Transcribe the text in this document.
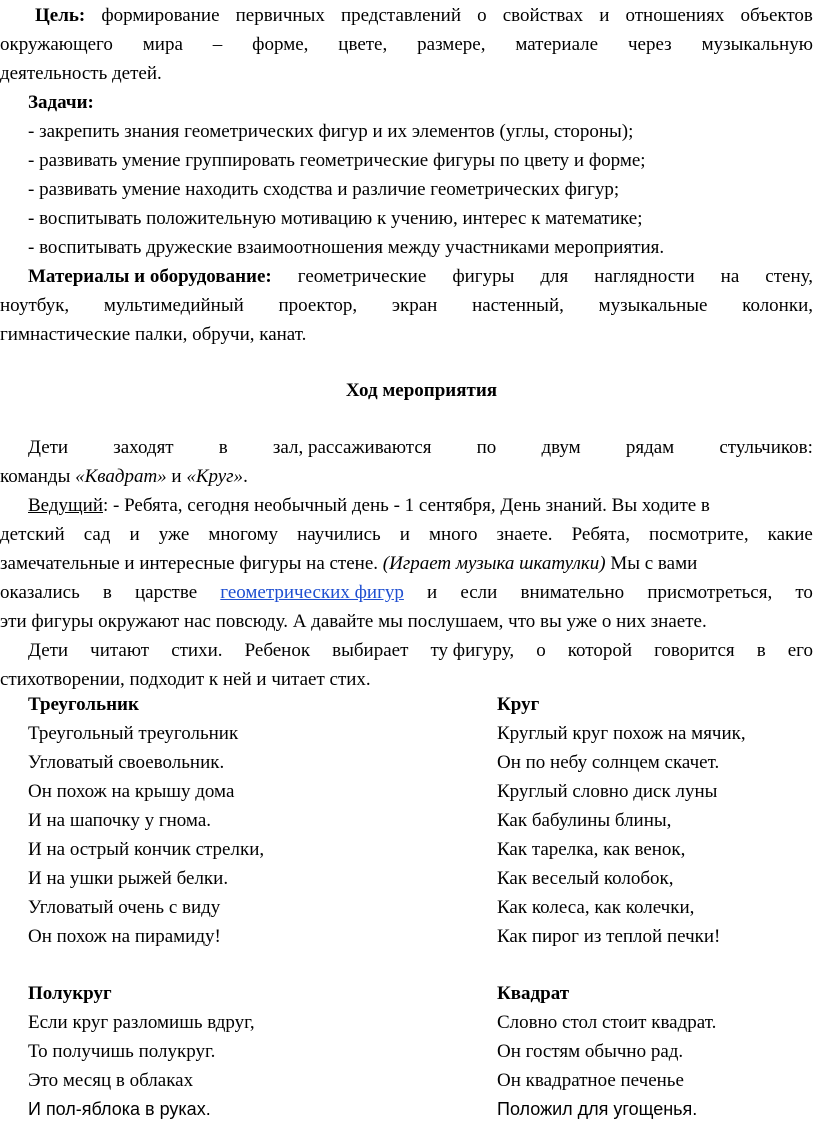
Цель: формирование первичных представлений о свойствах и отношениях объектов
окружающего мира – форме, цвете, размере, материале через музыкальную
деятельность детей.
Задачи:
- закрепить знания геометрических фигур и их элементов (углы, стороны);
- развивать умение группировать геометрические фигуры по цвету и форме;
- развивать умение находить сходства и различие геометрических фигур;
- воспитывать положительную мотивацию к учению, интерес к математике;
- воспитывать дружеские взаимоотношения между участниками мероприятия.
Материалы и оборудование: геометрические фигуры для наглядности на стену,
ноутбук, мультимедийный проектор, экран настенный, музыкальные колонки,
гимнастические палки, обручи, канат.
Ход мероприятия
Дети заходят в зал, рассаживаются по двум рядам стульчиков:
команды «Квадрат» и «Круг».
Ведущий: - Ребята, сегодня необычный день - 1 сентября, День знаний. Вы ходите в
детский сад и уже многому научились и много знаете. Ребята, посмотрите, какие
замечательные и интересные фигуры на стене. (Играет музыка шкатулки) Мы с вами
оказались в царстве геометрических фигур и если внимательно присмотреться, то
эти фигуры окружают нас повсюду. А давайте мы послушаем, что вы уже о них знаете.
Дети читают стихи. Ребенок выбирает ту фигуру, о которой говорится в его
стихотворении, подходит к ней и читает стих.
Треугольник	Круг
Треугольный треугольник
Угловатый своевольник.
Он похож на крышу дома
И на шапочку у гнома.
И на острый кончик стрелки,
И на ушки рыжей белки.
Угловатый очень с виду
Он похож на пирамиду!
Круглый круг похож на мячик,
Он по небу солнцем скачет.
Круглый словно диск луны
Как бабулины блины,
Как тарелка, как венок,
Как веселый колобок,
Как колеса, как колечки,
Как пирог из теплой печки!
Полукруг	Квадрат
Если круг разломишь вдруг,
То получишь полукруг.
Это месяц в облаках
И пол-яблока в руках.
Словно стол стоит квадрат.
Он гостям обычно рад.
Он квадратное печенье
Положил для угощенья.
